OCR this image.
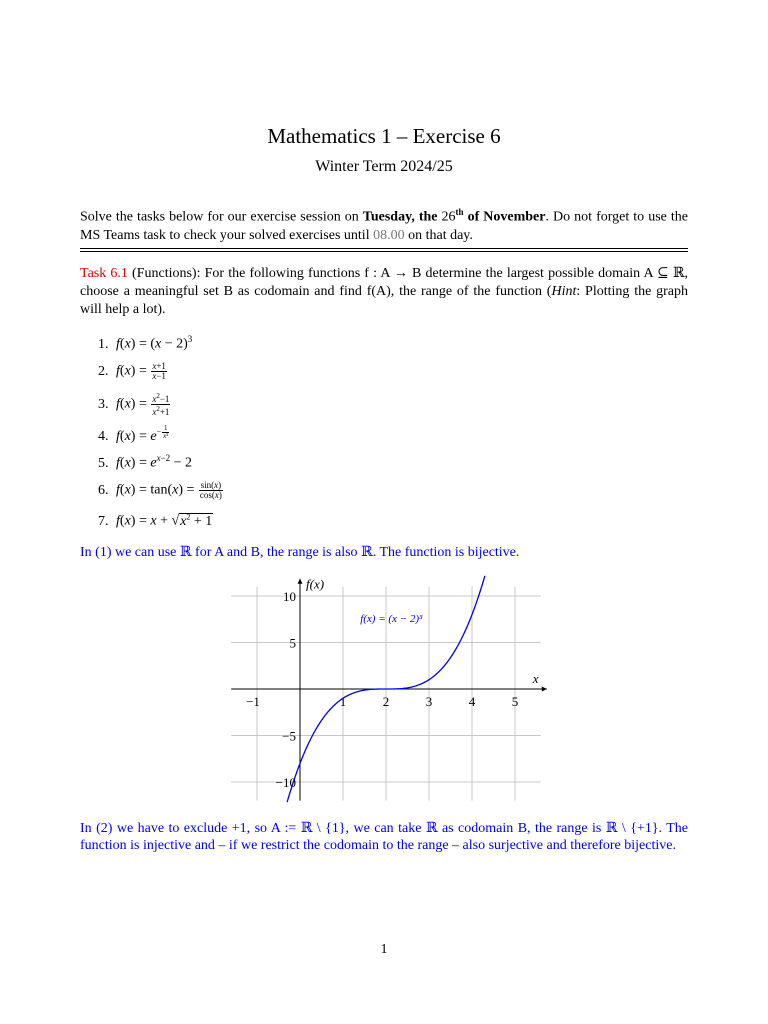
Mathematics 1 – Exercise 6
Winter Term 2024/25
Solve the tasks below for our exercise session on Tuesday, the 26th of November. Do not forget to use the MS Teams task to check your solved exercises until 08.00 on that day.
Task 6.1 (Functions): For the following functions f : A → B determine the largest possible domain A ⊆ ℝ, choose a meaningful set B as codomain and find f(A), the range of the function (Hint: Plotting the graph will help a lot).
1. $f(x) = (x - 2)^3$
2. $f(x) = \frac{x+1}{x-1}$
3. $f(x) = \frac{x^2-1}{x^2+1}$
4. $f(x) = e^{- \frac{1}{\text{x²}}}$
5. $f(x) = e^{x-2} - 2$
6. $f(x) = \tan(x) = \frac{\sin(x)}{\cos(x)}$
7. $f(x) = x + √x^2 + 1$
In (1) we can use ℝ for A and B, the range is also ℝ. The function is bijective.
−1	1	2	3	4	5
10
5
−5
−10
f(x)
x
f(x) = (x − 2)³
In (2) we have to exclude +1, so A := ℝ \ {1}, we can take ℝ as codomain B, the range is ℝ \ {+1}. The function is injective and – if we restrict the codomain to the range – also surjective and therefore bijective.
1
